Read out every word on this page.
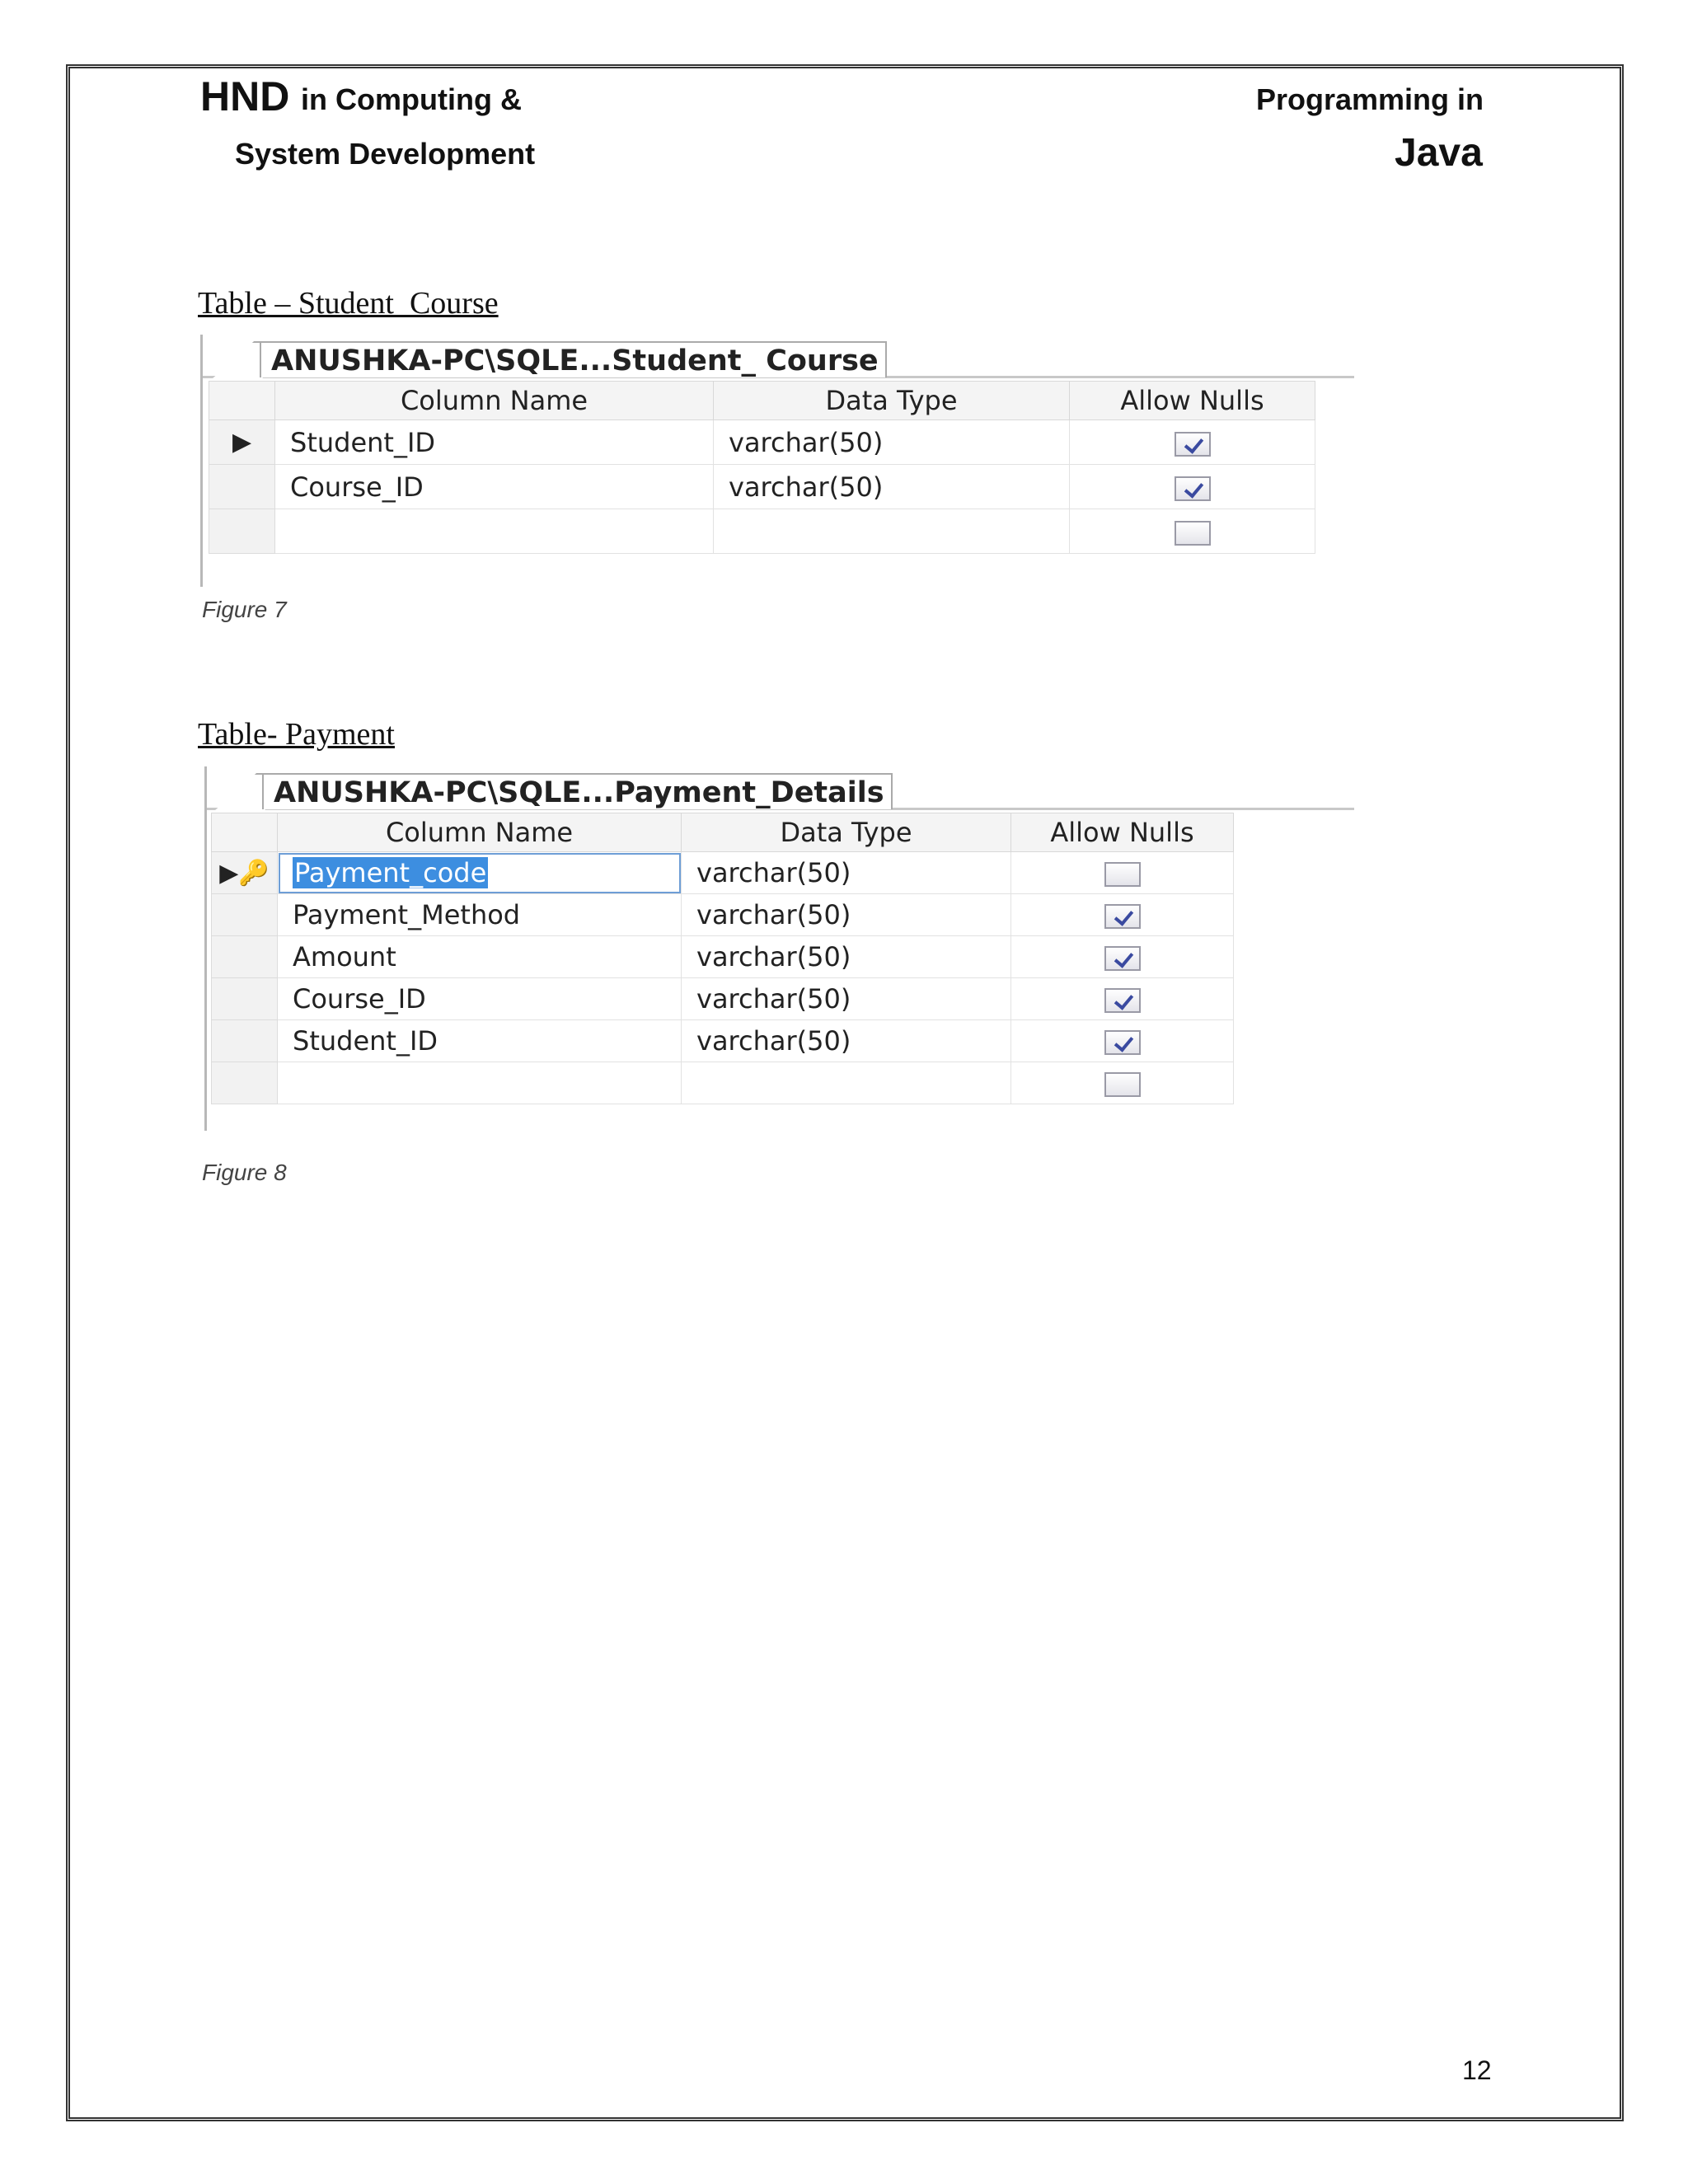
HND in Computing &
System Development
Programming in
Java
Table – Student_Course
ANUSHKA-PC\SQLE...Student_ Course
	Column Name	Data Type	Allow Nulls
▶	Student_ID	varchar(50)	
	Course_ID	varchar(50)	

Figure 7
Table- Payment
ANUSHKA-PC\SQLE...Payment_Details
	Column Name	Data Type	Allow Nulls
▶🔑	Payment_code	varchar(50)	
	Payment_Method	varchar(50)	
	Amount	varchar(50)	
	Course_ID	varchar(50)	
	Student_ID	varchar(50)	

Figure 8
12
